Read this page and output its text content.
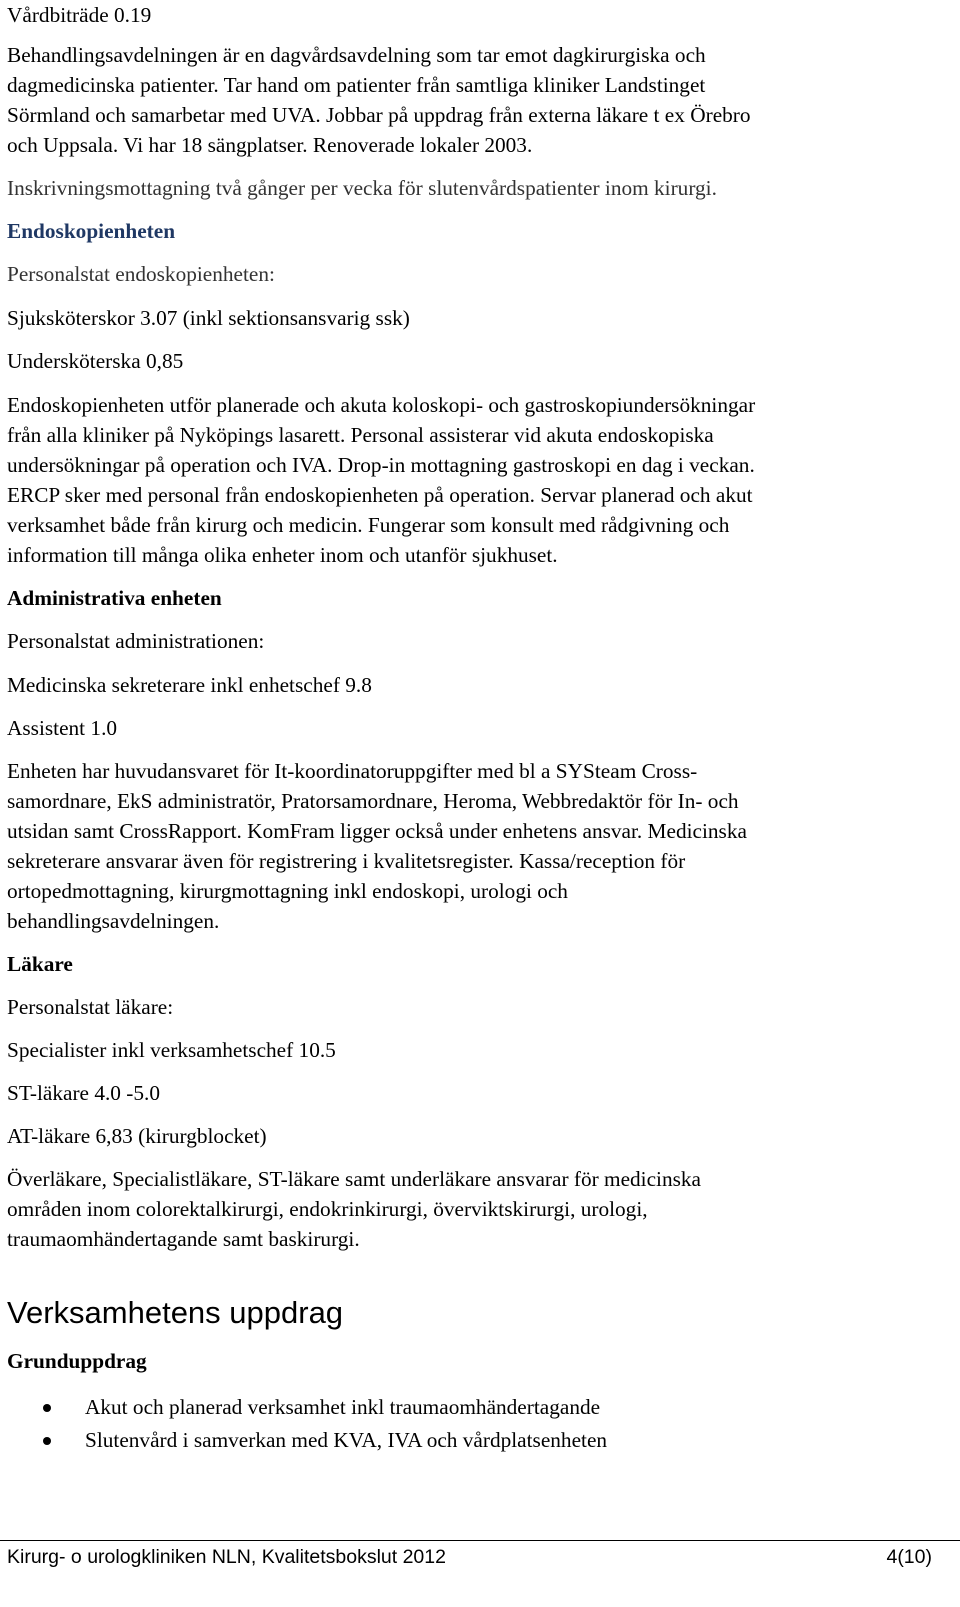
Vårdbiträde 0.19

Behandlingsavdelningen är en dagvårdsavdelning som tar emot dagkirurgiska och

dagmedicinska patienter. Tar hand om patienter från samtliga kliniker Landstinget

Sörmland och samarbetar med UVA. Jobbar på uppdrag från externa läkare t ex Örebro

och Uppsala. Vi har 18 sängplatser. Renoverade lokaler 2003.

Inskrivningsmottagning två gånger per vecka för slutenvårdspatienter inom kirurgi.

Endoskopienheten

Personalstat endoskopienheten:

Sjuksköterskor 3.07 (inkl sektionsansvarig ssk)

Undersköterska 0,85

Endoskopienheten utför planerade och akuta koloskopi- och gastroskopiundersökningar

från alla kliniker på Nyköpings lasarett. Personal assisterar vid akuta endoskopiska

undersökningar på operation och IVA. Drop-in mottagning gastroskopi en dag i veckan.

ERCP sker med personal från endoskopienheten på operation. Servar planerad och akut

verksamhet både från kirurg och medicin. Fungerar som konsult med rådgivning och

information till många olika enheter inom och utanför sjukhuset.

Administrativa enheten

Personalstat administrationen:

Medicinska sekreterare inkl enhetschef 9.8

Assistent 1.0

Enheten har huvudansvaret för It-koordinatoruppgifter med bl a SYSteam Cross-

samordnare, EkS administratör, Pratorsamordnare, Heroma, Webbredaktör för In- och

utsidan samt CrossRapport. KomFram ligger också under enhetens ansvar. Medicinska

sekreterare ansvarar även för registrering i kvalitetsregister. Kassa/reception för

ortopedmottagning, kirurgmottagning inkl endoskopi, urologi och

behandlingsavdelningen.

Läkare

Personalstat läkare:

Specialister inkl verksamhetschef 10.5

ST-läkare 4.0 -5.0

AT-läkare 6,83 (kirurgblocket)

Överläkare, Specialistläkare, ST-läkare samt underläkare ansvarar för medicinska

områden inom colorektalkirurgi, endokrinkirurgi, överviktskirurgi, urologi,

traumaomhändertagande samt baskirurgi.

Verksamhetens uppdrag
Grunduppdrag
Akut och planerad verksamhet inkl traumaomhändertagande
Slutenvård i samverkan med KVA, IVA och vårdplatsenheten
Kirurg- o urologkliniken NLN, Kvalitetsbokslut 2012	4(10)
